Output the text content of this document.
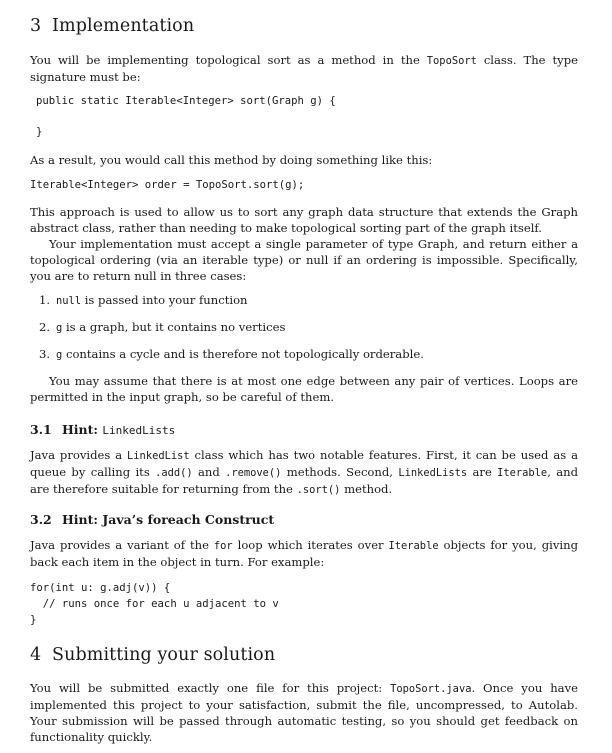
3 Implementation

You will be implementing topological sort as a method in the TopoSort class. The type signature must be:

public static Iterable<Integer> sort(Graph g) {
}

As a result, you would call this method by doing something like this:

Iterable<Integer> order = TopoSort.sort(g);

This approach is used to allow us to sort any graph data structure that extends the Graph abstract class, rather than needing to make topological sorting part of the graph itself.

Your implementation must accept a single parameter of type Graph, and return either a topological ordering (via an iterable type) or null if an ordering is impossible. Specifically, you are to return null in three cases:

1. null is passed into your function
2. g is a graph, but it contains no vertices
3. g contains a cycle and is therefore not topologically orderable.

You may assume that there is at most one edge between any pair of vertices. Loops are permitted in the input graph, so be careful of them.

3.1 Hint: LinkedLists

Java provides a LinkedList class which has two notable features. First, it can be used as a queue by calling its .add() and .remove() methods. Second, LinkedLists are Iterable, and are therefore suitable for returning from the .sort() method.

3.2 Hint: Java’s foreach Construct

Java provides a variant of the for loop which iterates over Iterable objects for you, giving back each item in the object in turn. For example:

for(int u: g.adj(v)) {
// runs once for each u adjacent to v
}
4 Submitting your solution

You will be submitted exactly one file for this project: TopoSort.java. Once you have implemented this project to your satisfaction, submit the file, uncompressed, to Autolab. Your submission will be passed through automatic testing, so you should get feedback on functionality quickly.
